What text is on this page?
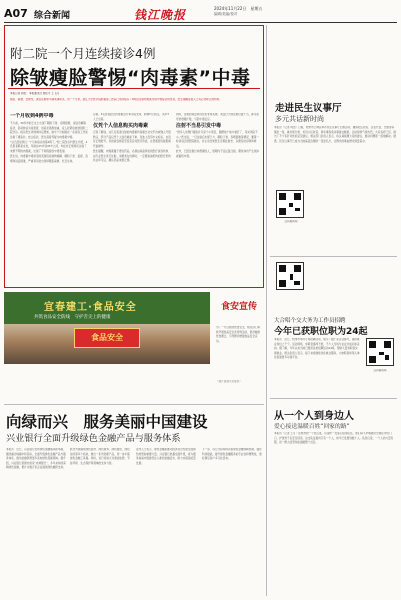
A07 综合新闻	钱江晚报	2024年11月22日　星期五
编辑/美编/校对
附二院一个月连续接诊4例
除皱瘦脸警惕“肉毒素”中毒
本报记者 顾怡　本报通讯员 徐佳芳 王飞月
瘦脸、除皱、去细纹，美容注射如今越来越常见。但一个月来，浙江大学医学院附属第二医院已连续接诊了4例因注射肉毒素出现中毒症状的患者，医生提醒爱美人士务必选择正规机构。
一个月收到4例中毒
不久前，30多岁的王女士出现了眼睑下垂、吞咽困难、说话含糊等症状，起初她以为是感冒，但症状逐渐加重，家人赶紧将她送到附二院急诊。接诊医生详细询问后得知，她半个月前刚在一家美容工作室注射了瘦脸针。结合症状，医生高度怀疑为肉毒素中毒。
“这已经是我们一个月来接诊的第4例了。”附二院急诊科医生介绍，4名患者都是女性，年龄在25岁到45岁之间，均在非正规场所注射了来源不明的肉毒素，出现了不同程度的中毒表现。
医生说，肉毒素中毒常见的表现包括视物模糊、眼睑下垂、复视、吞咽和说话困难，严重者可能出现呼吸肌麻痹，危及生命。
目前，4名患者经过抗毒素治疗和对症支持，病情均已稳定，其中3人已出院。
仅凭个人信息购买肉毒素
记者了解到，这几名患者注射的肉毒素均是通过社交平台或熟人介绍购买，部分产品仅凭个人信息就能下单，包装上没有中文标识，也没有正规批号。有的美容师甚至没有任何医疗资质，在普通居民楼里就开始操作。
医生提醒，肉毒素属于毒性药品，必须由具备资质的医疗美容机构、由专业医生进行注射。消费者在选择时，一定要查看机构的医疗机构执业许可证，确认药品来源正规。
同时，注射的剂量和部位也非常关键，剂量过大或注射位置不当，都可能导致毒素扩散，引起中毒反应。
注射不当易引发中毒
“很多人觉得打瘦脸针只是个小项目，随便找个地方就打了，其实风险不小。”医生说，一旦注射后出现乏力、眼睑下垂、吞咽困难等情况，要第一时间到正规医院就诊，并主动告知医生近期注射史，以便及时诊断和救治。
此外，已经注射过肉毒素的人，短期内不宜反复注射，避免体内产生抗体或蓄积中毒。
宜春建工·食品安全
共筑食品安全防线　守护舌尖上的健康
食品安全
食安宣传
为了一方百姓的饮食安全，相关部门持续开展食品安全宣传周活动，倡导健康饮食理念，引导群众增强食品安全意识。
（图片由通讯员提供）
向绿而兴　服务美丽中国建设
兴业银行全面升级绿色金融产品与服务体系
本报讯　近日，兴业银行发布绿色金融服务新举措，围绕碳达峰碳中和目标，全面升级绿色金融产品与服务体系，推动金融资源更多流向绿色低碳领域。据介绍，兴业银行是国内首家“赤道银行”，多年来持续深耕绿色金融，累计为数万家企业提供绿色融资支持。
此次升级围绕绿色信贷、绿色债券、绿色租赁、绿色信托等多个板块，推出一系列创新产品，进一步丰富绿色金融工具箱。同时，该行将加大对清洁能源、节能环保、生态保护等领域的支持力度。
业内人士表示，绿色金融是推动经济社会发展全面绿色转型的重要力量。兴业银行此番全面升级，将为服务美丽中国建设注入新的金融活水，助力实现高质量发展。
下一步，该行还将持续完善绿色金融体制机制，强化科技赋能，提升绿色金融服务的专业性和便利性，更好满足客户多元化需求。
走进民生议事厅
多元共话新时尚
本报讯（记者 周洁）日前，杭州市上城区举办民生议事厅主题活动，邀请社区居民、企业代表、志愿者等围坐一堂，就垃圾分类、老旧小区改造、停车难等身边事建言献策。活动现场气氛热烈，大家各抒己见，提出了不少有针对性的意见建议。相关部门负责人表示，将认真梳理大家的建议，推动问题逐一落地解决。据悉，民生议事厅已成为当地基层治理的一张金名片，让群众的事由群众商量着办。
扫码看视频
大合唱个交大务为工作员招聘
今年已获职位职为24起
本报讯　近日，杭州市举办专场招聘活动，吸引了数十家企业参与，提供就业岗位上千个。活动现场，求职者络绎不绝，不少人当场与企业达成初步意向。据了解，今年以来当地已组织各类招聘活动24场，帮助大量求职者实现就业。相关负责人表示，接下来将继续优化就业服务，为求职者和用人单位搭建更多对接平台。
扫码看视频
从一个人到身边人
爱心接送温暖百姓“回家的路”
本报讯（记者 王月）在杭州的一个社区里，有这样一支爱心接送队伍，他们每天早晚准时出现在学校门口，护送孩子们安全回家。这支队伍最初只有一个人，如今已发展到数十人。队员们说，一个人的力量有限，但一群人的坚持能温暖整个社区。
